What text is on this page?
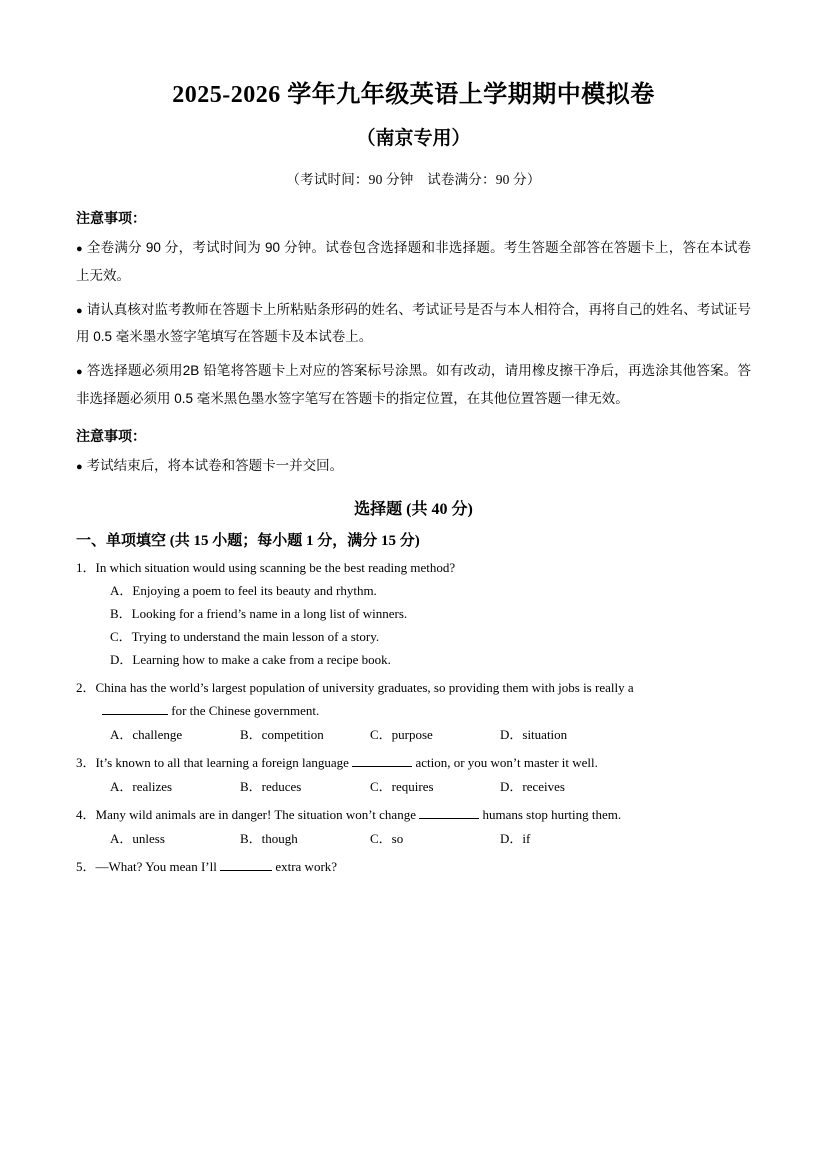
2025-2026 学年九年级英语上学期期中模拟卷
（南京专用）

（考试时间：90 分钟　试卷满分：90 分）

注意事项：

● 全卷满分 90 分，考试时间为 90 分钟。试卷包含选择题和非选择题。考生答题全部答在答题卡上，答在本试卷上无效。

● 请认真核对监考教师在答题卡上所粘贴条形码的姓名、考试证号是否与本人相符合，再将自己的姓名、考试证号用 0.5 毫米墨水签字笔填写在答题卡及本试卷上。

● 答选择题必须用2B 铅笔将答题卡上对应的答案标号涂黑。如有改动，请用橡皮擦干净后，再选涂其他答案。答非选择题必须用 0.5 毫米黑色墨水签字笔写在答题卡的指定位置，在其他位置答题一律无效。

注意事项：

● 考试结束后，将本试卷和答题卡一并交回。

选择题 (共 40 分)
一、单项填空 (共 15 小题；每小题 1 分，满分 15 分)

1．In which situation would using scanning be the best reading method?

A．Enjoying a poem to feel its beauty and rhythm.

B．Looking for a friend’s name in a long list of winners.

C．Trying to understand the main lesson of a story.

D．Learning how to make a cake from a recipe book.

2．China has the world’s largest population of university graduates, so providing them with jobs is really a

for the Chinese government.

A．challenge	B．competition	C．purpose	D．situation

3．It’s known to all that learning a foreign language	action, or you won’t master it well.

A．realizes	B．reduces	C．requires	D．receives

4．Many wild animals are in danger! The situation won’t change	humans stop hurting them.

A．unless	B．though	C．so	D．if

5．—What? You mean I’ll	extra work?
